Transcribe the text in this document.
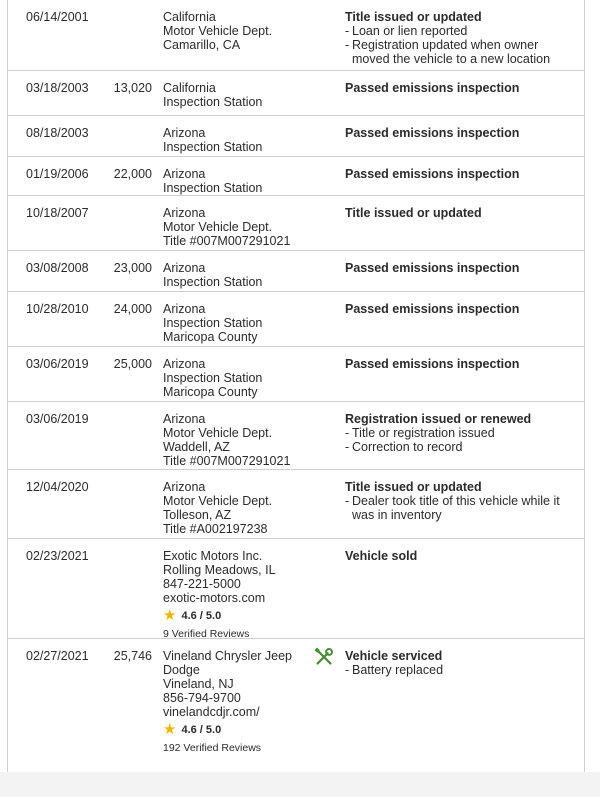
06/14/2001	California
Motor Vehicle Dept.
Camarillo, CA
Title issued or updated
- Loan or lien reported
- Registration updated when owner moved the vehicle to a new location
03/18/2003	13,020 California
Inspection Station
Passed emissions inspection
08/18/2003	Arizona
Inspection Station
Passed emissions inspection
01/19/2006	22,000 Arizona
Inspection Station
Passed emissions inspection
10/18/2007	Arizona
Motor Vehicle Dept.
Title #007M007291021
Title issued or updated
03/08/2008	23,000 Arizona
Inspection Station
Passed emissions inspection
10/28/2010	24,000 Arizona
Inspection Station
Maricopa County
Passed emissions inspection
03/06/2019	25,000 Arizona
Inspection Station
Maricopa County
Passed emissions inspection
03/06/2019	Arizona
Motor Vehicle Dept.
Waddell, AZ
Title #007M007291021
Registration issued or renewed
- Title or registration issued
- Correction to record
12/04/2020	Arizona
Motor Vehicle Dept.
Tolleson, AZ
Title #A002197238
Title issued or updated
- Dealer took title of this vehicle while it was in inventory
02/23/2021	Exotic Motors Inc.
Rolling Meadows, IL
847-221-5000
exotic-motors.com
★ 4.6 / 5.0
9 Verified Reviews
Vehicle sold
02/27/2021	25,746 Vineland Chrysler Jeep
Dodge
Vineland, NJ
856-794-9700
vinelandcdjr.com/
★ 4.6 / 5.0
192 Verified Reviews
Vehicle serviced
- Battery replaced
